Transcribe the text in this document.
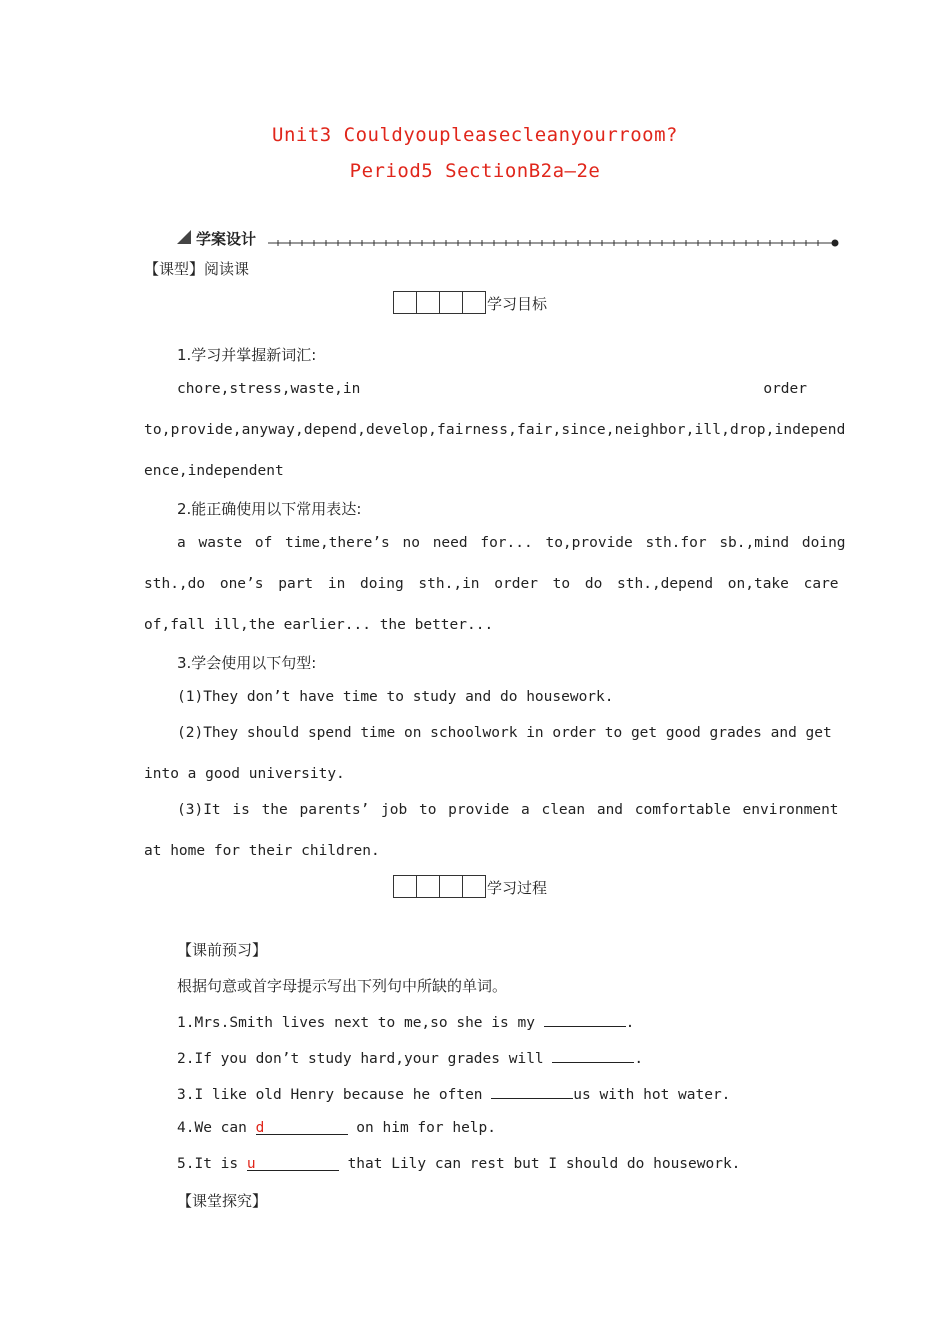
Unit3 Couldyoupleasecleanyourroom?
Period5 SectionB2a—2e
学案设计
【课型】阅读课
学习目标
1.学习并掌握新词汇:
chore,stress,waste,in	order
to,provide,anyway,depend,develop,fairness,fair,since,neighbor,ill,drop,independ
ence,independent
2.能正确使用以下常用表达:
a waste of time,there’s no need for... to,provide sth.for sb.,mind doing
sth.,do one’s part in doing sth.,in order to do sth.,depend on,take care
of,fall ill,the earlier... the better...
3.学会使用以下句型:
(1)They don’t have time to study and do housework.
(2)They should spend time on schoolwork in order to get good grades and get
into a good university.
(3)It is the parents’ job to provide a clean and comfortable environment
at home for their children.
学习过程
【课前预习】
根据句意或首字母提示写出下列句中所缺的单词。
1.Mrs.Smith lives next to me,so she is my	.
2.If you don’t study hard,your grades will	.
3.I like old Henry because he often	us with hot water.
4.We can d	on him for help.
5.It is u	that Lily can rest but I should do housework.
【课堂探究】
